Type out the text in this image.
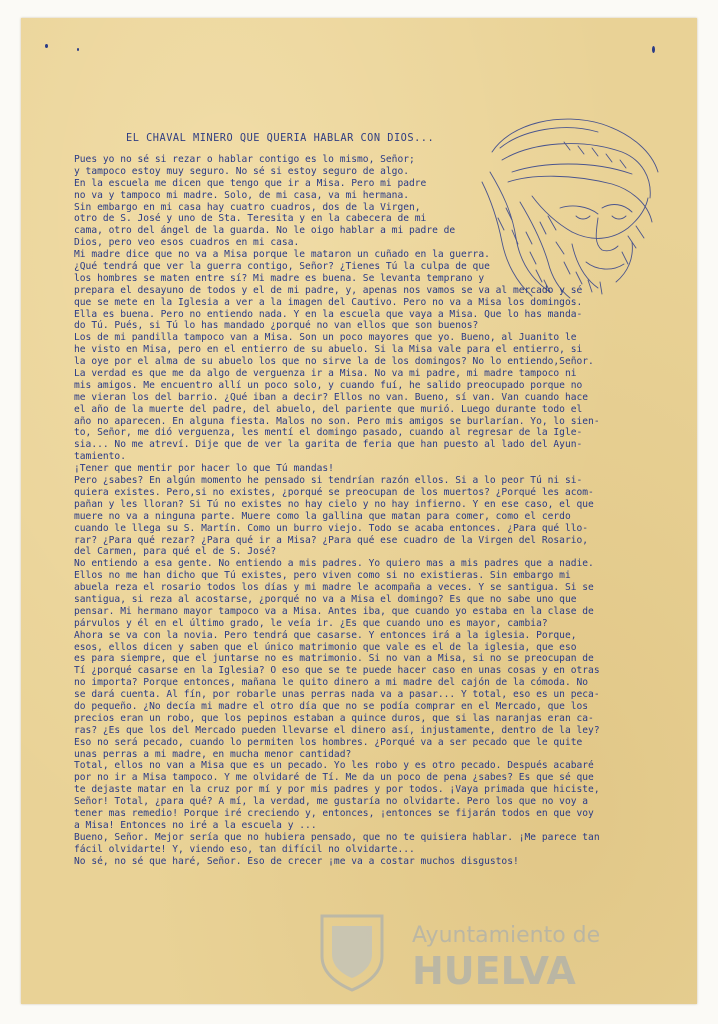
EL CHAVAL MINERO QUE QUERIA HABLAR CON DIOS...
Pues yo no sé si rezar o hablar contigo es lo mismo, Señor;
y tampoco estoy muy seguro. No sé si estoy seguro de algo.
En la escuela me dicen que tengo que ir a Misa. Pero mi padre
no va y tampoco mi madre. Solo, de mi casa, va mi hermana.
Sin embargo en mi casa hay cuatro cuadros, dos de la Virgen,
otro de S. José y uno de Sta. Teresita y en la cabecera de mi
cama, otro del ángel de la guarda. No le oigo hablar a mi padre de
Dios, pero veo esos cuadros en mi casa.
Mi madre dice que no va a Misa porque le mataron un cuñado en la guerra.
¿Qué tendrá que ver la guerra contigo, Señor? ¿Tienes Tú la culpa de que
los hombres se maten entre sí? Mi madre es buena. Se levanta temprano y
prepara el desayuno de todos y el de mi padre, y, apenas nos vamos se va al mercado y sé
que se mete en la Iglesia a ver a la imagen del Cautivo. Pero no va a Misa los domingos.
Ella es buena. Pero no entiendo nada. Y en la escuela que vaya a Misa. Que lo has manda-
do Tú. Pués, si Tú lo has mandado ¿porqué no van ellos que son buenos?
Los de mi pandilla tampoco van a Misa. Son un poco mayores que yo. Bueno, al Juanito le
he visto en Misa, pero en el entierro de su abuelo. Si la Misa vale para el entierro, si
la oye por el alma de su abuelo los que no sirve la de los domingos? No lo entiendo,Señor.
La verdad es que me da algo de verguenza ir a Misa. No va mi padre, mi madre tampoco ni
mis amigos. Me encuentro allí un poco solo, y cuando fuí, he salido preocupado porque no
me vieran los del barrio. ¿Qué iban a decir? Ellos no van. Bueno, sí van. Van cuando hace
el año de la muerte del padre, del abuelo, del pariente que murió. Luego durante todo el
año no aparecen. En alguna fiesta. Malos no son. Pero mis amigos se burlarían. Yo, lo sien-
to, Señor, me dió verguenza, les mentí el domingo pasado, cuando al regresar de la Igle-
sia... No me atreví. Dije que de ver la garita de feria que han puesto al lado del Ayun-
tamiento.
¡Tener que mentir por hacer lo que Tú mandas!
Pero ¿sabes? En algún momento he pensado si tendrían razón ellos. Si a lo peor Tú ni si-
quiera existes. Pero,si no existes, ¿porqué se preocupan de los muertos? ¿Porqué les acom-
pañan y les lloran? Si Tú no existes no hay cielo y no hay infierno. Y en ese caso, el que
muere no va a ninguna parte. Muere como la gallina que matan para comer, como el cerdo
cuando le llega su S. Martín. Como un burro viejo. Todo se acaba entonces. ¿Para qué llo-
rar? ¿Para qué rezar? ¿Para qué ir a Misa? ¿Para qué ese cuadro de la Virgen del Rosario,
del Carmen, para qué el de S. José?
No entiendo a esa gente. No entiendo a mis padres. Yo quiero mas a mis padres que a nadie.
Ellos no me han dicho que Tú existes, pero viven como si no existieras. Sin embargo mi
abuela reza el rosario todos los días y mi madre le acompaña a veces. Y se santigua. Si se
santigua, si reza al acostarse, ¿porqué no va a Misa el domingo? Es que no sabe uno que
pensar. Mi hermano mayor tampoco va a Misa. Antes iba, que cuando yo estaba en la clase de
párvulos y él en el último grado, le veía ir. ¿Es que cuando uno es mayor, cambia?
Ahora se va con la novia. Pero tendrá que casarse. Y entonces irá a la iglesia. Porque,
esos, ellos dicen y saben que el único matrimonio que vale es el de la iglesia, que eso
es para siempre, que el juntarse no es matrimonio. Si no van a Misa, si no se preocupan de
Tí ¿porqué casarse en la Iglesia? O eso que se te puede hacer caso en unas cosas y en otras
no importa? Porque entonces, mañana le quito dinero a mi madre del cajón de la cómoda. No
se dará cuenta. Al fín, por robarle unas perras nada va a pasar... Y total, eso es un peca-
do pequeño. ¿No decía mi madre el otro día que no se podía comprar en el Mercado, que los
precios eran un robo, que los pepinos estaban a quince duros, que si las naranjas eran ca-
ras? ¿Es que los del Mercado pueden llevarse el dinero así, injustamente, dentro de la ley?
Eso no será pecado, cuando lo permiten los hombres. ¿Porqué va a ser pecado que le quite
unas perras a mi madre, en mucha menor cantidad?
Total, ellos no van a Misa que es un pecado. Yo les robo y es otro pecado. Después acabaré
por no ir a Misa tampoco. Y me olvidaré de Tí. Me da un poco de pena ¿sabes? Es que sé que
te dejaste matar en la cruz por mí y por mis padres y por todos. ¡Vaya primada que hiciste,
Señor! Total, ¿para qué? A mí, la verdad, me gustaría no olvidarte. Pero los que no voy a
tener mas remedio! Porque iré creciendo y, entonces, ¡entonces se fijarán todos en que voy
a Misa! Entonces no iré a la escuela y ...
Bueno, Señor. Mejor sería que no hubiera pensado, que no te quisiera hablar. ¡Me parece tan
fácil olvidarte! Y, viendo eso, tan difícil no olvidarte...
No sé, no sé que haré, Señor. Eso de crecer ¡me va a costar muchos disgustos!
Ayuntamiento de
HUELVA
